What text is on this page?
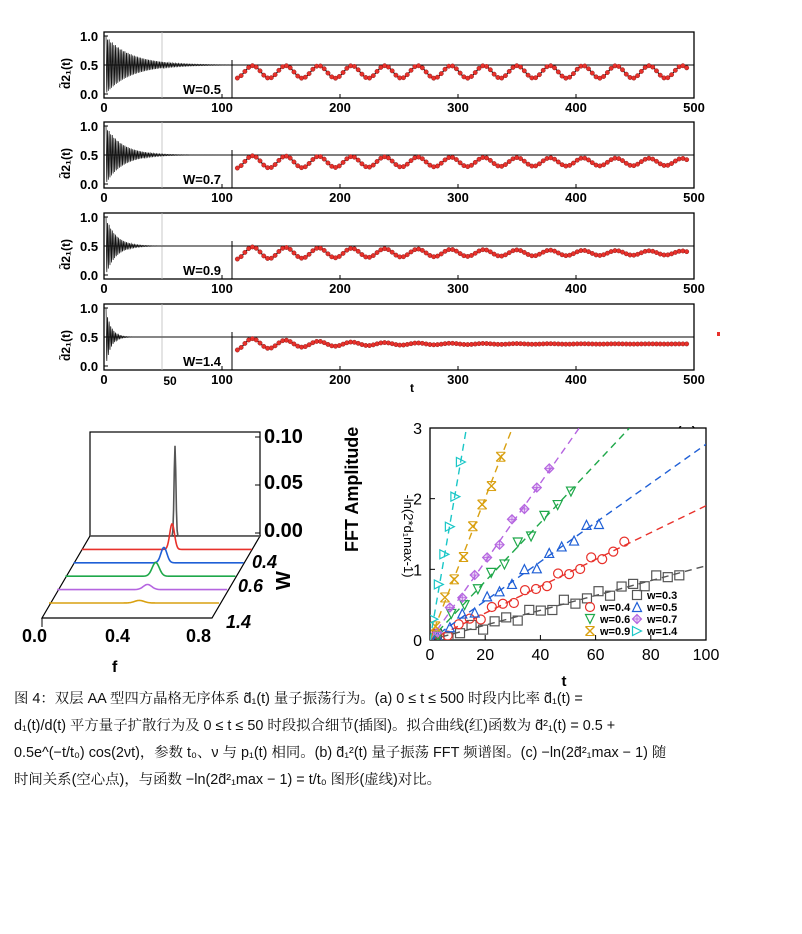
t
50
1.0
0.5
0.0
d̃2₁(t)
0	100	200	300	400	500
W=0.5
1.0
0.5
0.0
d̃2₁(t)
0	100	200	300	400	500
W=0.7
1.0
0.5
0.0
d̃2₁(t)
0	100	200	300	400	500
W=0.9
1.0
0.5
0.0
d̃2₁(t)
0	100	200	300	400	500
W=1.4
0.10
0.05
0.00 FFT Amplitude
0.4
0.6
1.4
W
0.0	0.4	0.8
f
-ln(2*d₁max-1)
t
0
1
2
3
0	20 40 60 80 100
w=0.3
w=0.4 w=0.5
w=0.6 w=0.7
w=0.9 w=1.4
图 4：双层 AA 型四方晶格无序体系 d̃₁(t) 量子振荡行为。(a) 0 ≤ t ≤ 500 时段内比率 d̃₁(t) =
d₁(t)/d(t) 平方量子扩散行为及 0 ≤ t ≤ 50 时段拟合细节(插图)。拟合曲线(红)函数为 d̃²₁(t) = 0.5 +
0.5e^(−t/t₀) cos(2νt)，参数 t₀、ν 与 p₁(t) 相同。(b) d̃₁²(t) 量子振荡 FFT 频谱图。(c) −ln(2d̃²₁max − 1) 随
时间关系(空心点)，与函数 −ln(2d̃²₁max − 1) = t/t₀ 图形(虚线)对比。
